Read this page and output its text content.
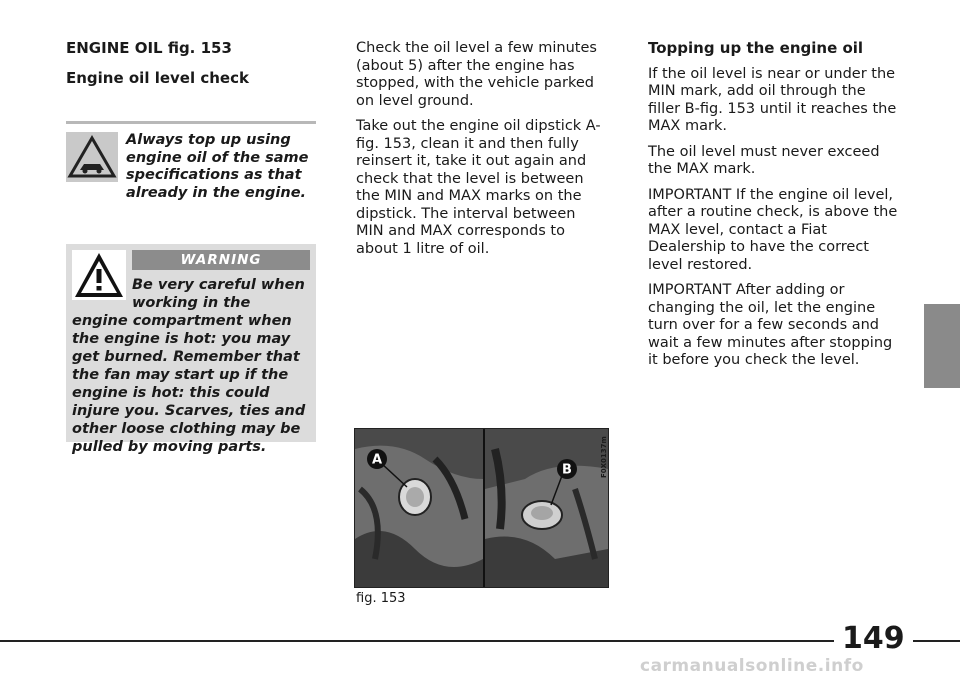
ENGINE OIL fig. 153

Engine oil level check

Always top up using engine oil of the same specifications as that already in the engine.
WARNING
Be very careful when working in the engine compartment when the engine is hot: you may get burned. Remember that the fan may start up if the engine is hot: this could injure you. Scarves, ties and other loose clothing may be pulled by moving parts.

Check the oil level a few minutes (about 5) after the engine has stopped, with the vehicle parked on level ground.

Take out the engine oil dipstick A-fig. 153, clean it and then fully reinsert it, take it out again and check that the level is between the MIN and MAX marks on the dipstick. The interval between MIN and MAX corresponds to about 1 litre of oil.

Topping up the engine oil

If the oil level is near or under the MIN mark, add oil through the filler B-fig. 153 until it reaches the MAX mark.

The oil level must never exceed the MAX mark.

IMPORTANT If the engine oil level, after a routine check, is above the MAX level, contact a Fiat Dealership to have the correct level restored.

IMPORTANT After adding or changing the oil, let the engine turn over for a few seconds and wait a few minutes after stopping it before you check the level.

A
B	F0X0137m
fig. 153
149
carmanualsonline.info
